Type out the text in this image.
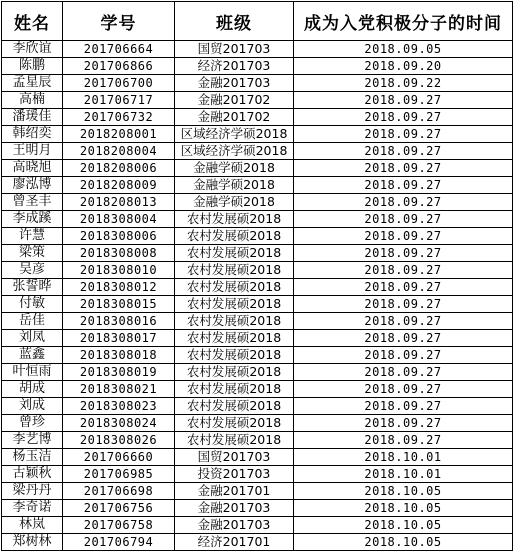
姓名	学号	班级	成为入党积极分子的时间
李欣谊	201706664	国贸201703	2018.09.05
陈鹏	201706866	经济201703	2018.09.20
孟星辰	201706700	金融201703	2018.09.22
高楠	201706717	金融201702	2018.09.27
潘瑗佳	201706732	金融201702	2018.09.27
韩绍奕	2018208001	区域经济学硕2018	2018.09.27
王明月	2018208004	区域经济学硕2018	2018.09.27
高晓旭	2018208006	金融学硕2018	2018.09.27
廖泓博	2018208009	金融学硕2018	2018.09.27
曾圣丰	2018208013	金融学硕2018	2018.09.27
李成蹊	2018308004	农村发展硕2018	2018.09.27
许慧	2018308006	农村发展硕2018	2018.09.27
梁策	2018308008	农村发展硕2018	2018.09.27
吴彦	2018308010	农村发展硕2018	2018.09.27
张誓晔	2018308012	农村发展硕2018	2018.09.27
付敏	2018308015	农村发展硕2018	2018.09.27
岳佳	2018308016	农村发展硕2018	2018.09.27
刘凤	2018308017	农村发展硕2018	2018.09.27
蓝鑫	2018308018	农村发展硕2018	2018.09.27
叶恒雨	2018308019	农村发展硕2018	2018.09.27
胡成	2018308021	农村发展硕2018	2018.09.27
刘成	2018308023	农村发展硕2018	2018.09.27
曾珍	2018308024	农村发展硕2018	2018.09.27
李艺博	2018308026	农村发展硕2018	2018.09.27
杨玉洁	201706660	国贸201703	2018.10.01
古颖秋	201706985	投资201703	2018.10.01
梁丹丹	201706698	金融201701	2018.10.05
李奇诺	201706756	金融201703	2018.10.05
林岚	201706758	金融201703	2018.10.05
郑树林	201706794	经济201701	2018.10.05
